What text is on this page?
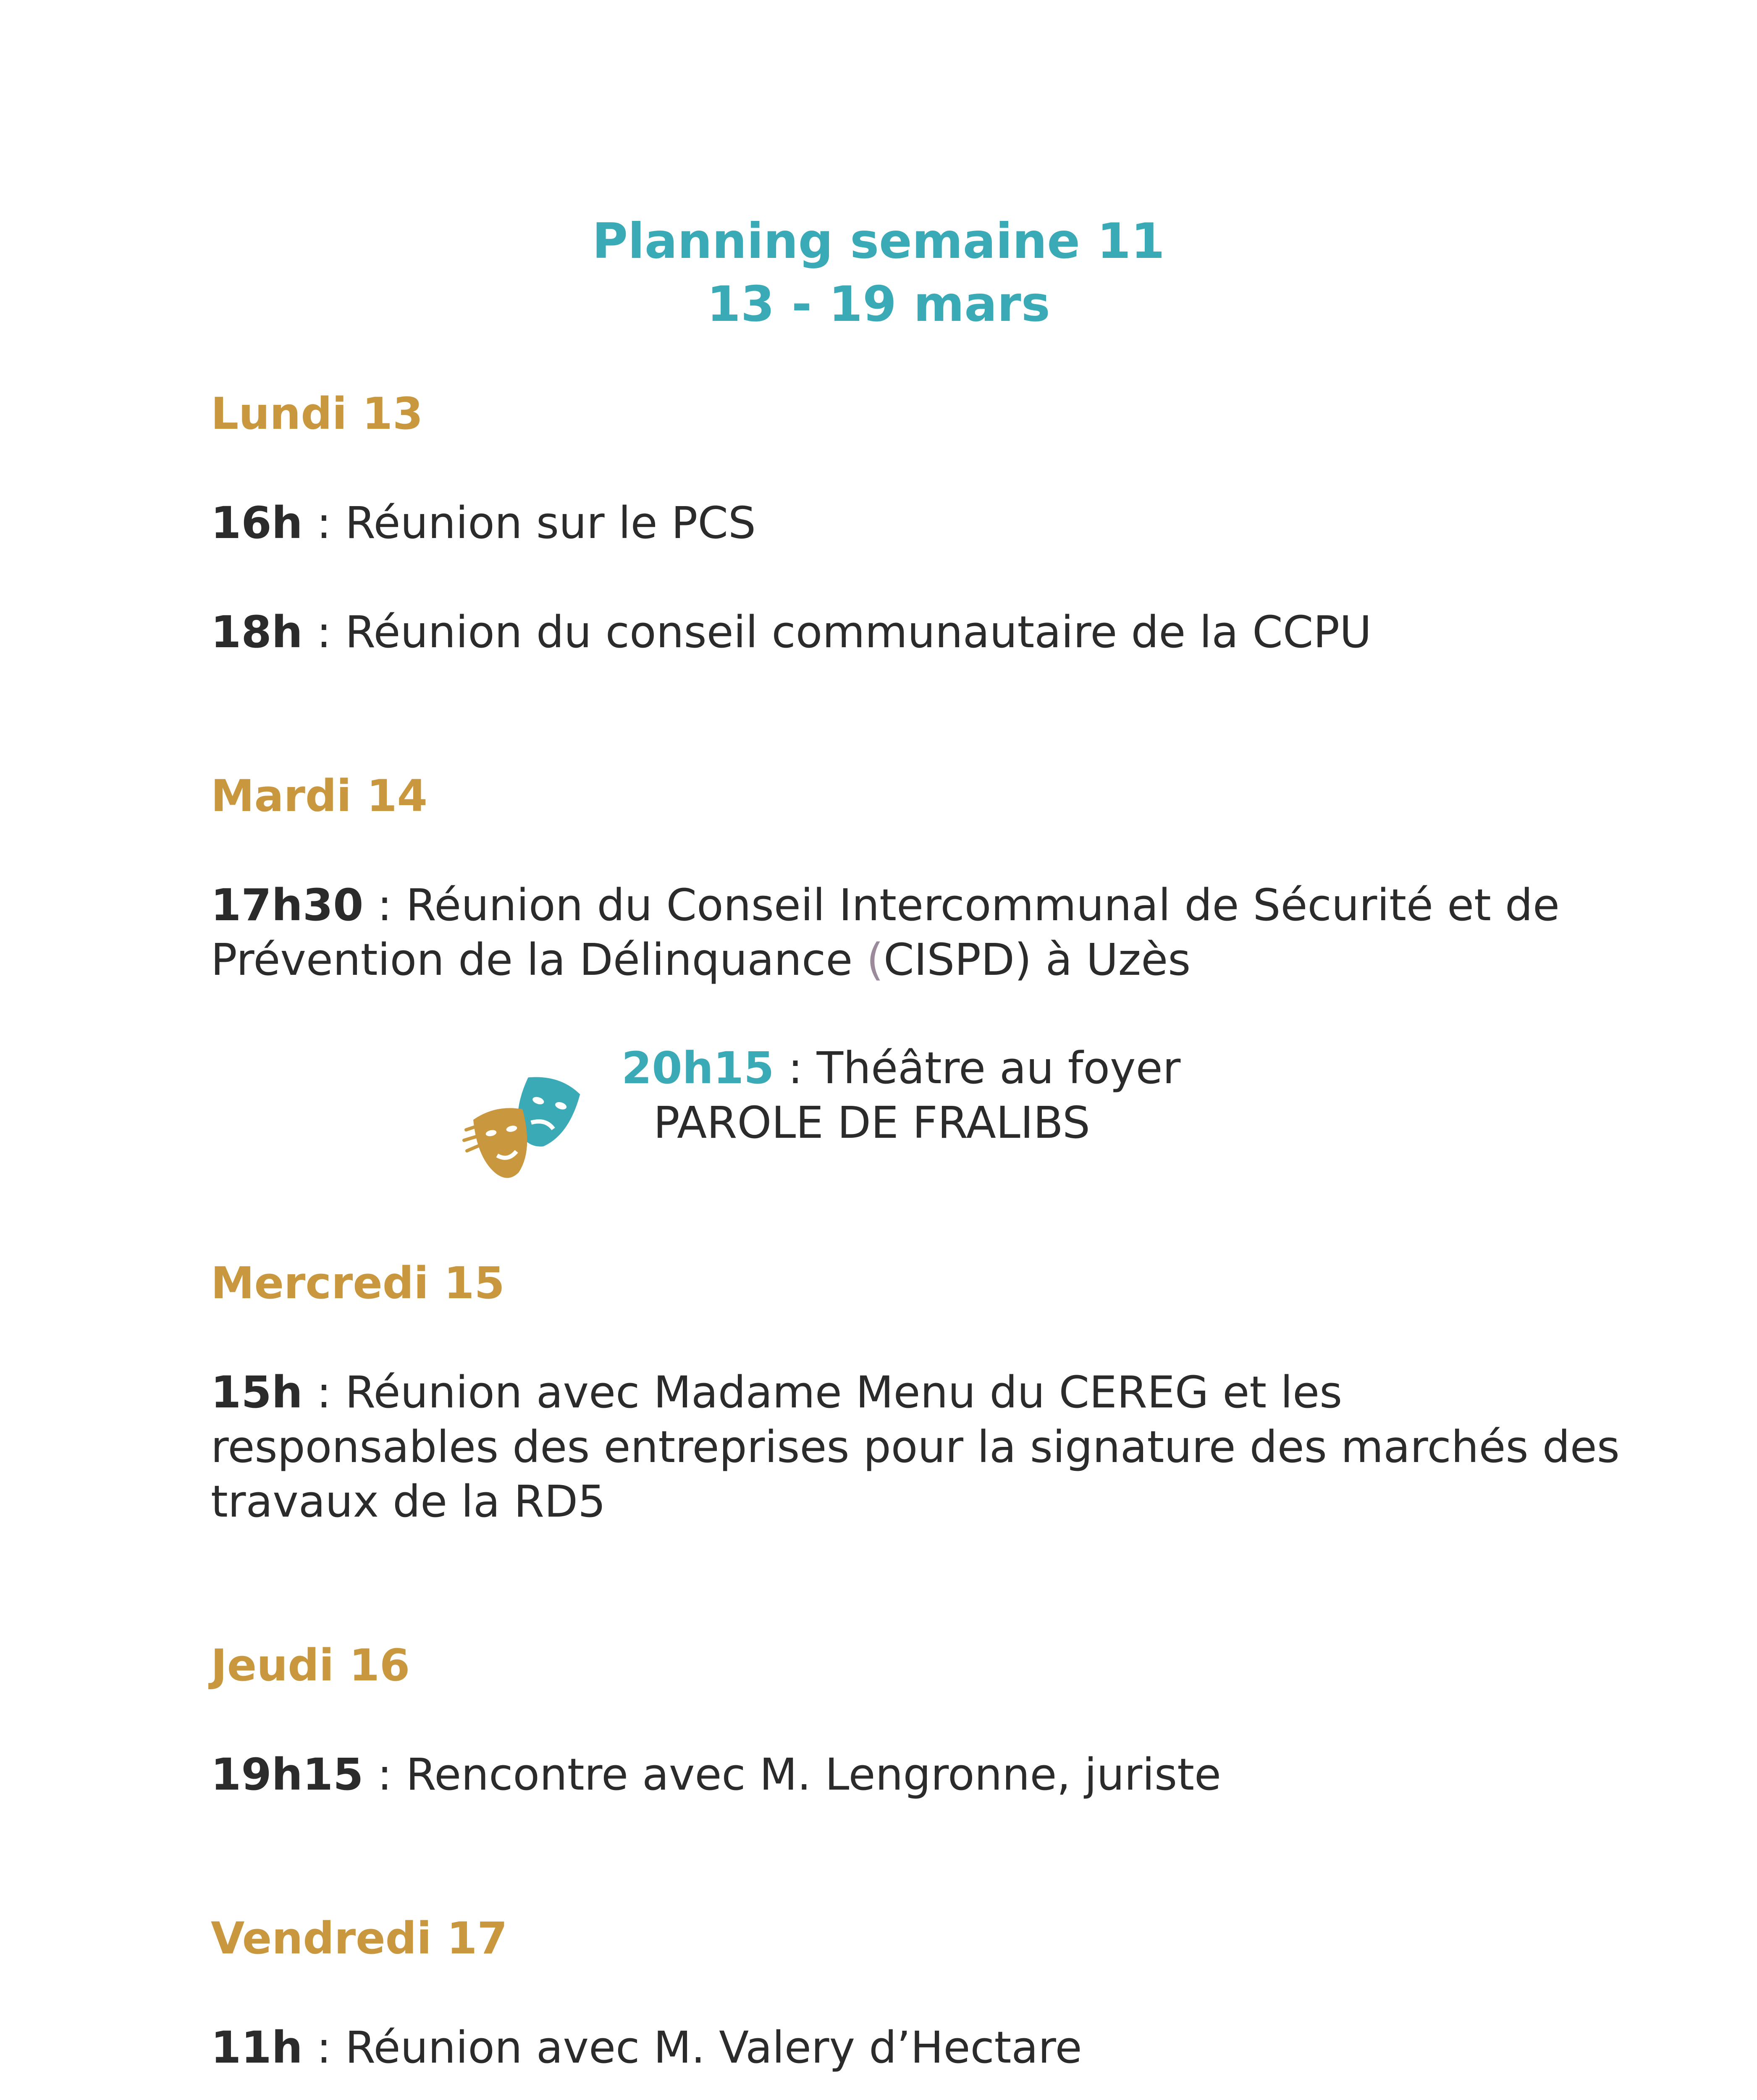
Planning semaine 11
13 - 19 mars
Lundi 13
16h : Réunion sur le PCS
18h : Réunion du conseil communautaire de la CCPU
Mardi 14
17h30 : Réunion du Conseil Intercommunal de Sécurité et de
Prévention de la Délinquance (CISPD) à Uzès
20h15 : Théâtre au foyer
PAROLE DE FRALIBS
Mercredi 15
15h : Réunion avec Madame Menu du CEREG et les
responsables des entreprises pour la signature des marchés des
travaux de la RD5
Jeudi 16
19h15 : Rencontre avec M. Lengronne, juriste
Vendredi 17
11h : Réunion avec M. Valery d’Hectare
